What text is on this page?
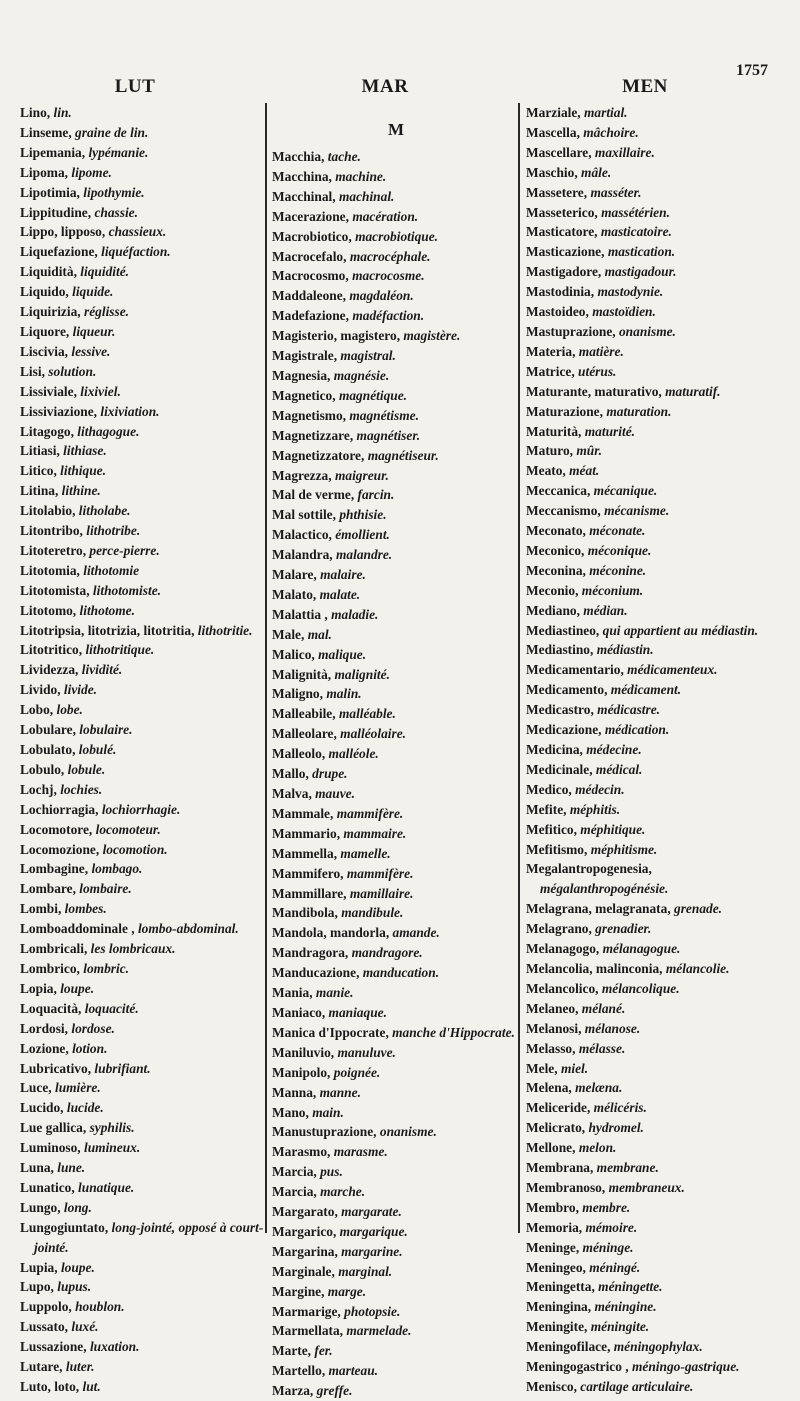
1757
LUT	MAR	MEN
Lino, lin.
Linseme, graine de lin.
Lipemania, lypémanie.
Lipoma, lipome.
Lipotimia, lipothymie.
Lippitudine, chassie.
Lippo, lipposo, chassieux.
Liquefazione, liquéfaction.
Liquidità, liquidité.
Liquido, liquide.
Liquirizia, réglisse.
Liquore, liqueur.
Liscivia, lessive.
Lisi, solution.
Lissiviale, lixiviel.
Lissiviazione, lixiviation.
Litagogo, lithagogue.
Litiasi, lithiase.
Litico, lithique.
Litina, lithine.
Litolabio, litholabe.
Litontribo, lithotribe.
Litoteretro, perce-pierre.
Litotomia, lithotomie
Litotomista, lithotomiste.
Litotomo, lithotome.
Litotripsia, litotrizia, litotritia, lithotritie.
Litotritico, lithotritique.
Lividezza, lividité.
Livido, livide.
Lobo, lobe.
Lobulare, lobulaire.
Lobulato, lobulé.
Lobulo, lobule.
Lochj, lochies.
Lochiorragia, lochiorrhagie.
Locomotore, locomoteur.
Locomozione, locomotion.
Lombagine, lombago.
Lombare, lombaire.
Lombi, lombes.
Lomboaddominale , lombo-abdominal.
Lombricali, les lombricaux.
Lombrico, lombric.
Lopia, loupe.
Loquacità, loquacité.
Lordosi, lordose.
Lozione, lotion.
Lubricativo, lubrifiant.
Luce, lumière.
Lucido, lucide.
Lue gallica, syphilis.
Luminoso, lumineux.
Luna, lune.
Lunatico, lunatique.
Lungo, long.
Lungogiuntato, long-jointé, opposé à court-jointé.
Lupia, loupe.
Lupo, lupus.
Luppolo, houblon.
Lussato, luxé.
Lussazione, luxation.
Lutare, luter.
Luto, loto, lut.
M
Macchia, tache.
Macchina, machine.
Macchinal, machinal.
Macerazione, macération.
Macrobiotico, macrobiotique.
Macrocefalo, macrocéphale.
Macrocosmo, macrocosme.
Maddaleone, magdaléon.
Madefazione, madéfaction.
Magisterio, magistero, magistère.
Magistrale, magistral.
Magnesia, magnésie.
Magnetico, magnétique.
Magnetismo, magnétisme.
Magnetizzare, magnétiser.
Magnetizzatore, magnétiseur.
Magrezza, maigreur.
Mal de verme, farcin.
Mal sottile, phthisie.
Malactico, émollient.
Malandra, malandre.
Malare, malaire.
Malato, malate.
Malattia , maladie.
Male, mal.
Malico, malique.
Malignità, malignité.
Maligno, malin.
Malleabile, malléable.
Malleolare, malléolaire.
Malleolo, malléole.
Mallo, drupe.
Malva, mauve.
Mammale, mammifère.
Mammario, mammaire.
Mammella, mamelle.
Mammifero, mammifère.
Mammillare, mamillaire.
Mandibola, mandibule.
Mandola, mandorla, amande.
Mandragora, mandragore.
Manducazione, manducation.
Mania, manie.
Maniaco, maniaque.
Manica d'Ippocrate, manche d'Hippocrate.
Maniluvio, manuluve.
Manipolo, poignée.
Manna, manne.
Mano, main.
Manustuprazione, onanisme.
Marasmo, marasme.
Marcia, pus.
Marcia, marche.
Margarato, margarate.
Margarico, margarique.
Margarina, margarine.
Marginale, marginal.
Margine, marge.
Marmarige, photopsie.
Marmellata, marmelade.
Marte, fer.
Martello, marteau.
Marza, greffe.
Marziale, martial.
Mascella, mâchoire.
Mascellare, maxillaire.
Maschio, mâle.
Massetere, masséter.
Masseterico, massétérien.
Masticatore, masticatoire.
Masticazione, mastication.
Mastigadore, mastigadour.
Mastodinia, mastodynie.
Mastoideo, mastoïdien.
Mastuprazione, onanisme.
Materia, matière.
Matrice, utérus.
Maturante, maturativo, maturatif.
Maturazione, maturation.
Maturità, maturité.
Maturo, mûr.
Meato, méat.
Meccanica, mécanique.
Meccanismo, mécanisme.
Meconato, méconate.
Meconico, méconique.
Meconina, méconine.
Meconio, méconium.
Mediano, médian.
Mediastineo, qui appartient au médiastin.
Mediastino, médiastin.
Medicamentario, médicamenteux.
Medicamento, médicament.
Medicastro, médicastre.
Medicazione, médication.
Medicina, médecine.
Medicinale, médical.
Medico, médecin.
Mefite, méphitis.
Mefitico, méphitique.
Mefitismo, méphitisme.
Megalantropogenesia, mégalanthropogénésie.
Melagrana, melagranata, grenade.
Melagrano, grenadier.
Melanagogo, mélanagogue.
Melancolia, malinconia, mélancolie.
Melancolico, mélancolique.
Melaneo, mélané.
Melanosi, mélanose.
Melasso, mélasse.
Mele, miel.
Melena, melæna.
Meliceride, mélicéris.
Melicrato, hydromel.
Mellone, melon.
Membrana, membrane.
Membranoso, membraneux.
Membro, membre.
Memoria, mémoire.
Meninge, méninge.
Meningeo, méningé.
Meningetta, méningette.
Meningina, méningine.
Meningite, méningite.
Meningofilace, méningophylax.
Meningogastrico , méningo-gastrique.
Menisco, cartilage articulaire.
